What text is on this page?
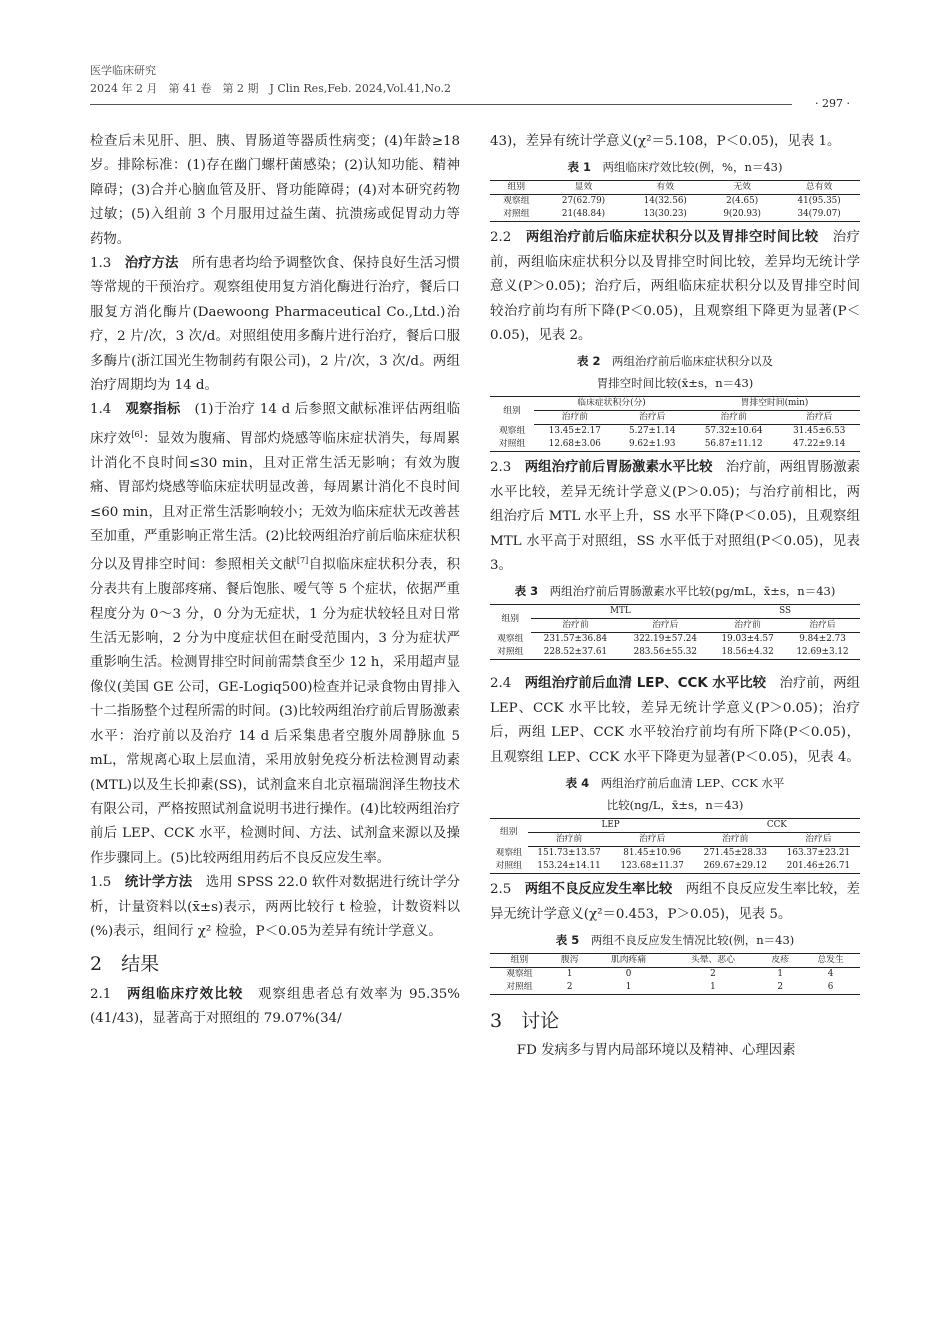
医学临床研究
2024 年 2 月　第 41 卷　第 2 期　J Clin Res,Feb. 2024,Vol.41,No.2
· 297 ·

检查后未见肝、胆、胰、胃肠道等器质性病变；(4)年龄≥18 岁。排除标准：(1)存在幽门螺杆菌感染；(2)认知功能、精神障碍；(3)合并心脑血管及肝、肾功能障碍；(4)对本研究药物过敏；(5)入组前 3 个月服用过益生菌、抗溃疡或促胃动力等药物。

1.3　 治疗方法　 所有患者均给予调整饮食、保持良好生活习惯等常规的干预治疗。观察组使用复方消化酶进行治疗，餐后口服复方消化酶片(Daewoong Pharmaceutical Co.,Ltd.)治疗，2 片/次，3 次/d。对照组使用多酶片进行治疗，餐后口服多酶片(浙江国光生物制药有限公司)，2 片/次，3 次/d。两组治疗周期均为 14 d。

1.4　 观察指标　 (1)于治疗 14 d 后参照文献标准评估两组临床疗效[6]：显效为腹痛、胃部灼烧感等临床症状消失，每周累计消化不良时间≤30 min，且对正常生活无影响；有效为腹痛、胃部灼烧感等临床症状明显改善，每周累计消化不良时间≤60 min，且对正常生活影响较小；无效为临床症状无改善甚至加重，严重影响正常生活。(2)比较两组治疗前后临床症状积分以及胃排空时间：参照相关文献[7]自拟临床症状积分表，积分表共有上腹部疼痛、餐后饱胀、嗳气等 5 个症状，依据严重程度分为 0～3 分，0 分为无症状，1 分为症状较轻且对日常生活无影响，2 分为中度症状但在耐受范围内，3 分为症状严重影响生活。检测胃排空时间前需禁食至少 12 h，采用超声显像仪(美国 GE 公司，GE-Logiq500)检查并记录食物由胃排入十二指肠整个过程所需的时间。(3)比较两组治疗前后胃肠激素水平：治疗前以及治疗 14 d 后采集患者空腹外周静脉血 5 mL，常规离心取上层血清，采用放射免疫分析法检测胃动素(MTL)以及生长抑素(SS)，试剂盒来自北京福瑞润泽生物技术有限公司，严格按照试剂盒说明书进行操作。(4)比较两组治疗前后 LEP、CCK 水平，检测时间、方法、试剂盒来源以及操作步骤同上。(5)比较两组用药后不良反应发生率。

1.5　 统计学方法　 选用 SPSS 22.0 软件对数据进行统计学分析，计量资料以(x̄±s)表示，两两比较行 t 检验，计数资料以(%)表示，组间行 χ² 检验，P＜0.05为差异有统计学意义。

2　结果

2.1　 两组临床疗效比较　 观察组患者总有效率为 95.35%(41/43)，显著高于对照组的 79.07%(34/

43)，差异有统计学意义(χ²＝5.108，P＜0.05)，见表 1。

表 1　 两组临床疗效比较(例，%，n＝43)
组别	显效	有效	无效	总有效
观察组	27(62.79)	14(32.56)	2(4.65)	41(95.35)
对照组	21(48.84)	13(30.23)	9(20.93)	34(79.07)

2.2　 两组治疗前后临床症状积分以及胃排空时间比较　 治疗前，两组临床症状积分以及胃排空时间比较，差异均无统计学意义(P＞0.05)；治疗后，两组临床症状积分以及胃排空时间较治疗前均有所下降(P＜0.05)，且观察组下降更为显著(P＜0.05)，见表 2。

表 2　 两组治疗前后临床症状积分以及
胃排空时间比较(x̄±s，n＝43)
组别	临床症状积分(分)		胃排空时间(min)	
	治疗前	治疗后	治疗前	治疗后
观察组	13.45±2.17	5.27±1.14	57.32±10.64	31.45±6.53
对照组	12.68±3.06	9.62±1.93	56.87±11.12	47.22±9.14

2.3　 两组治疗前后胃肠激素水平比较　 治疗前，两组胃肠激素水平比较，差异无统计学意义(P＞0.05)；与治疗前相比，两组治疗后 MTL 水平上升，SS 水平下降(P＜0.05)，且观察组 MTL 水平高于对照组，SS 水平低于对照组(P＜0.05)，见表 3。

表 3　 两组治疗前后胃肠激素水平比较(pg/mL，x̄±s，n＝43)
组别	MTL		SS	
	治疗前	治疗后	治疗前	治疗后
观察组	231.57±36.84	322.19±57.24	19.03±4.57	9.84±2.73
对照组	228.52±37.61	283.56±55.32	18.56±4.32	12.69±3.12

2.4　 两组治疗前后血清 LEP、CCK 水平比较　 治疗前，两组 LEP、CCK 水平比较，差异无统计学意义(P＞0.05)；治疗后，两组 LEP、CCK 水平较治疗前均有所下降(P＜0.05)，且观察组 LEP、CCK 水平下降更为显著(P＜0.05)，见表 4。

表 4　 两组治疗前后血清 LEP、CCK 水平
比较(ng/L，x̄±s，n＝43)
组别	LEP		CCK	
	治疗前	治疗后	治疗前	治疗后
观察组	151.73±13.57	81.45±10.96	271.45±28.33	163.37±23.21
对照组	153.24±14.11	123.68±11.37	269.67±29.12	201.46±26.71

2.5　 两组不良反应发生率比较　 两组不良反应发生率比较，差异无统计学意义(χ²＝0.453，P＞0.05)，见表 5。

表 5　 两组不良反应发生情况比较(例，n＝43)
组别	腹泻	肌肉疼痛	头晕、恶心	皮疹	总发生
观察组	1	0	2	1	4
对照组	2	1	1	2	6
3　讨论

FD 发病多与胃内局部环境以及精神、心理因素
